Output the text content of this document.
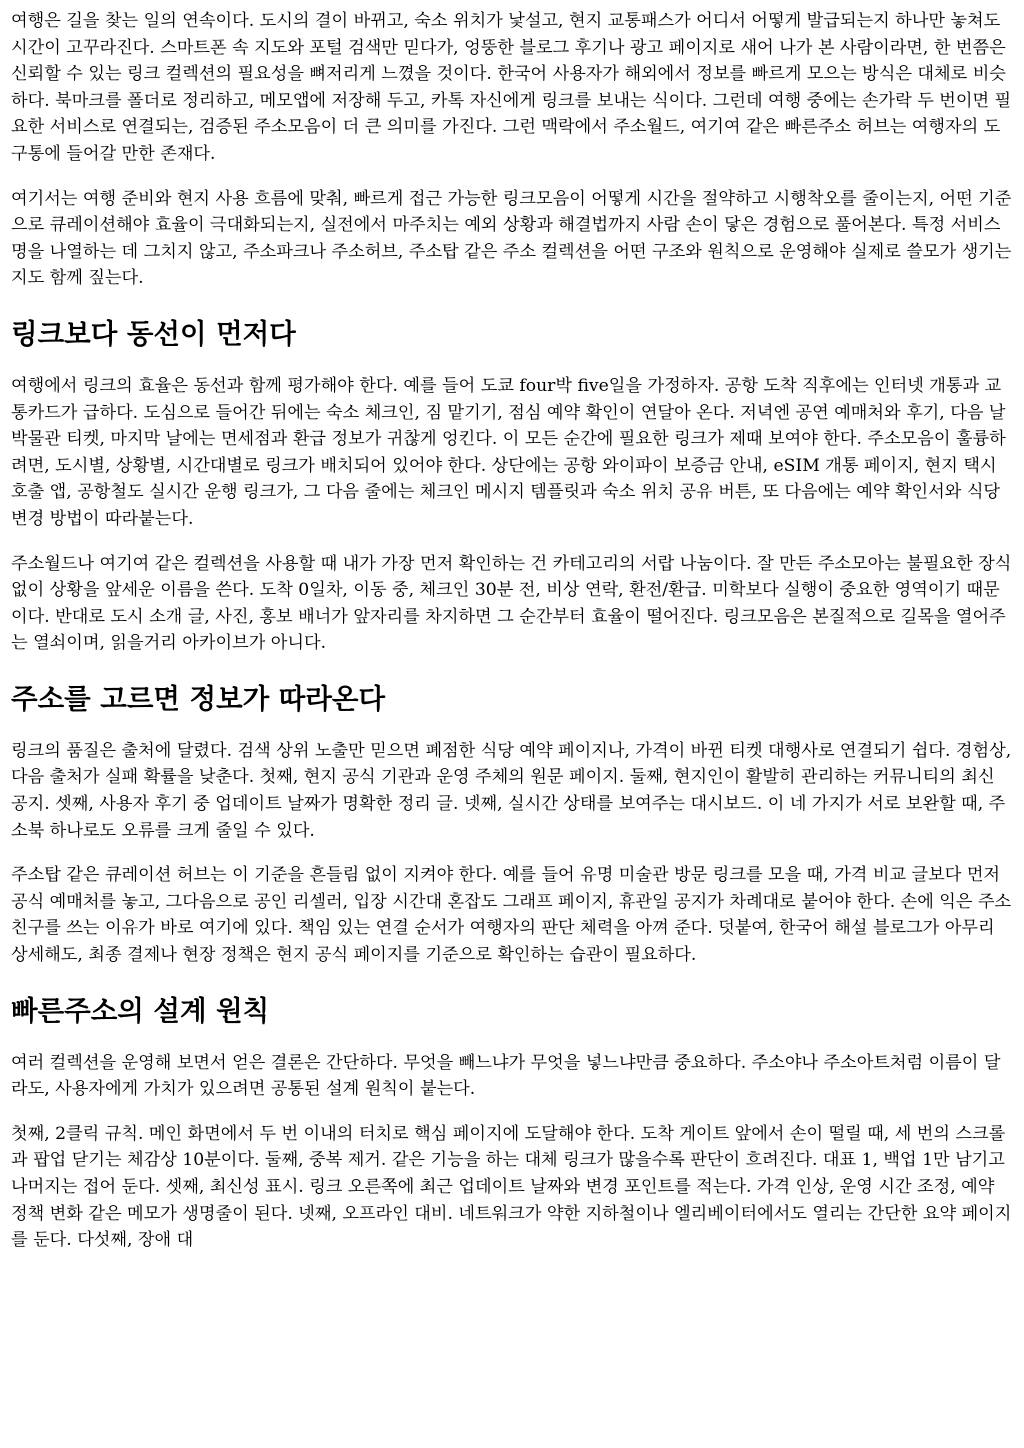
여행은 길을 찾는 일의 연속이다. 도시의 결이 바뀌고, 숙소 위치가 낯설고, 현지 교통패스가 어디서 어떻게 발급되는지 하나만 놓쳐도 시간이 고꾸라진다. 스마트폰 속 지도와 포털 검색만 믿다가, 엉뚱한 블로그 후기나 광고 페이지로 새어 나가 본 사람이라면, 한 번쯤은 신뢰할 수 있는 링크 컬렉션의 필요성을 뼈저리게 느꼈을 것이다. 한국어 사용자가 해외에서 정보를 빠르게 모으는 방식은 대체로 비슷하다. 북마크를 폴더로 정리하고, 메모앱에 저장해 두고, 카톡 자신에게 링크를 보내는 식이다. 그런데 여행 중에는 손가락 두 번이면 필요한 서비스로 연결되는, 검증된 주소모음이 더 큰 의미를 가진다. 그런 맥락에서 주소월드, 여기여 같은 빠른주소 허브는 여행자의 도구통에 들어갈 만한 존재다.

여기서는 여행 준비와 현지 사용 흐름에 맞춰, 빠르게 접근 가능한 링크모음이 어떻게 시간을 절약하고 시행착오를 줄이는지, 어떤 기준으로 큐레이션해야 효율이 극대화되는지, 실전에서 마주치는 예외 상황과 해결법까지 사람 손이 닿은 경험으로 풀어본다. 특정 서비스명을 나열하는 데 그치지 않고, 주소파크나 주소허브, 주소탑 같은 주소 컬렉션을 어떤 구조와 원칙으로 운영해야 실제로 쓸모가 생기는지도 함께 짚는다.

링크보다 동선이 먼저다

여행에서 링크의 효율은 동선과 함께 평가해야 한다. 예를 들어 도쿄 four박 five일을 가정하자. 공항 도착 직후에는 인터넷 개통과 교통카드가 급하다. 도심으로 들어간 뒤에는 숙소 체크인, 짐 맡기기, 점심 예약 확인이 연달아 온다. 저녁엔 공연 예매처와 후기, 다음 날 박물관 티켓, 마지막 날에는 면세점과 환급 정보가 귀찮게 엉킨다. 이 모든 순간에 필요한 링크가 제때 보여야 한다. 주소모음이 훌륭하려면, 도시별, 상황별, 시간대별로 링크가 배치되어 있어야 한다. 상단에는 공항 와이파이 보증금 안내, eSIM 개통 페이지, 현지 택시 호출 앱, 공항철도 실시간 운행 링크가, 그 다음 줄에는 체크인 메시지 템플릿과 숙소 위치 공유 버튼, 또 다음에는 예약 확인서와 식당 변경 방법이 따라붙는다.

주소월드나 여기여 같은 컬렉션을 사용할 때 내가 가장 먼저 확인하는 건 카테고리의 서랍 나눔이다. 잘 만든 주소모아는 불필요한 장식 없이 상황을 앞세운 이름을 쓴다. 도착 0일차, 이동 중, 체크인 30분 전, 비상 연락, 환전/환급. 미학보다 실행이 중요한 영역이기 때문이다. 반대로 도시 소개 글, 사진, 홍보 배너가 앞자리를 차지하면 그 순간부터 효율이 떨어진다. 링크모음은 본질적으로 길목을 열어주는 열쇠이며, 읽을거리 아카이브가 아니다.

주소를 고르면 정보가 따라온다

링크의 품질은 출처에 달렸다. 검색 상위 노출만 믿으면 폐점한 식당 예약 페이지나, 가격이 바뀐 티켓 대행사로 연결되기 쉽다. 경험상, 다음 출처가 실패 확률을 낮춘다. 첫째, 현지 공식 기관과 운영 주체의 원문 페이지. 둘째, 현지인이 활발히 관리하는 커뮤니티의 최신 공지. 셋째, 사용자 후기 중 업데이트 날짜가 명확한 정리 글. 넷째, 실시간 상태를 보여주는 대시보드. 이 네 가지가 서로 보완할 때, 주소북 하나로도 오류를 크게 줄일 수 있다.

주소탑 같은 큐레이션 허브는 이 기준을 흔들림 없이 지켜야 한다. 예를 들어 유명 미술관 방문 링크를 모을 때, 가격 비교 글보다 먼저 공식 예매처를 놓고, 그다음으로 공인 리셀러, 입장 시간대 혼잡도 그래프 페이지, 휴관일 공지가 차례대로 붙어야 한다. 손에 익은 주소친구를 쓰는 이유가 바로 여기에 있다. 책임 있는 연결 순서가 여행자의 판단 체력을 아껴 준다. 덧붙여, 한국어 해설 블로그가 아무리 상세해도, 최종 결제나 현장 정책은 현지 공식 페이지를 기준으로 확인하는 습관이 필요하다.

빠른주소의 설계 원칙

여러 컬렉션을 운영해 보면서 얻은 결론은 간단하다. 무엇을 빼느냐가 무엇을 넣느냐만큼 중요하다. 주소야나 주소아트처럼 이름이 달라도, 사용자에게 가치가 있으려면 공통된 설계 원칙이 붙는다.

첫째, 2클릭 규칙. 메인 화면에서 두 번 이내의 터치로 핵심 페이지에 도달해야 한다. 도착 게이트 앞에서 손이 떨릴 때, 세 번의 스크롤과 팝업 닫기는 체감상 10분이다. 둘째, 중복 제거. 같은 기능을 하는 대체 링크가 많을수록 판단이 흐려진다. 대표 1, 백업 1만 남기고 나머지는 접어 둔다. 셋째, 최신성 표시. 링크 오른쪽에 최근 업데이트 날짜와 변경 포인트를 적는다. 가격 인상, 운영 시간 조정, 예약 정책 변화 같은 메모가 생명줄이 된다. 넷째, 오프라인 대비. 네트워크가 약한 지하철이나 엘리베이터에서도 열리는 간단한 요약 페이지를 둔다. 다섯째, 장애 대
